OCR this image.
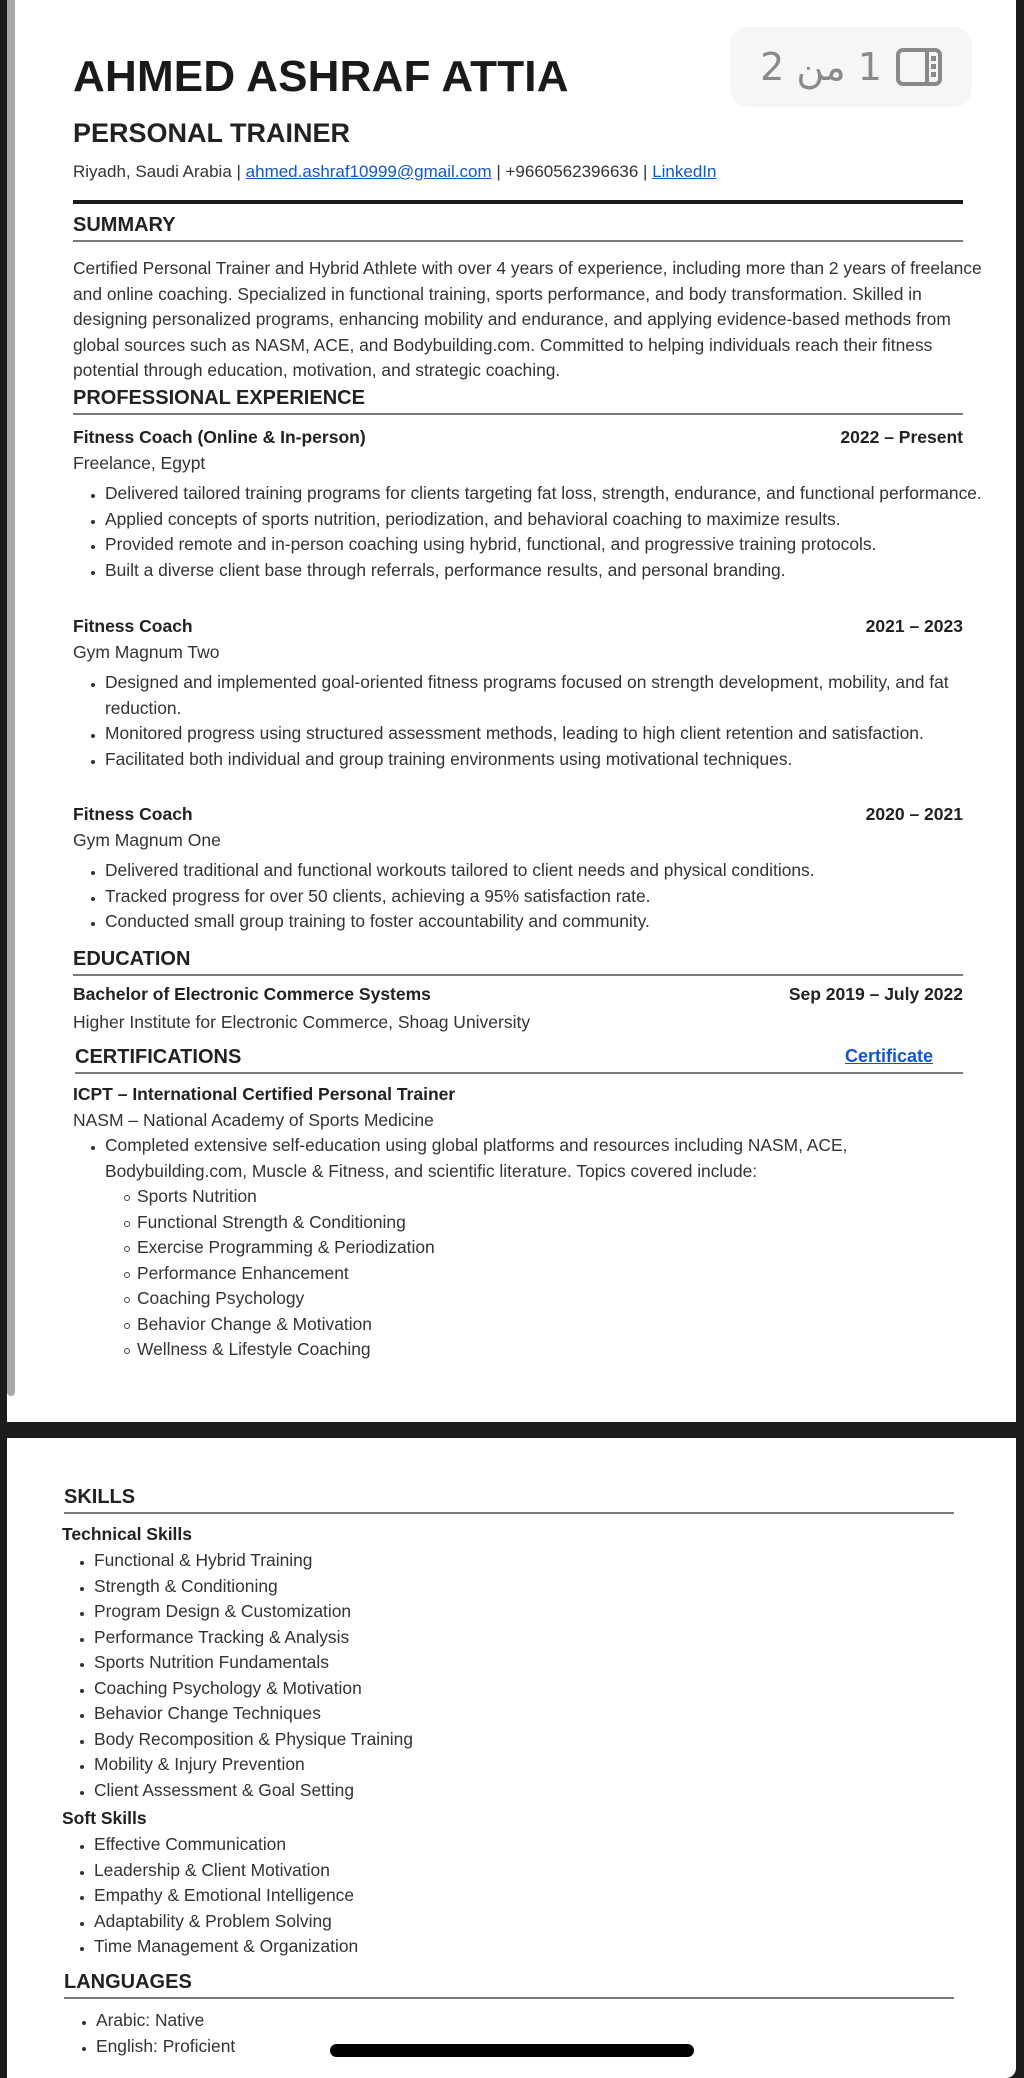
AHMED ASHRAF ATTIA
PERSONAL TRAINER
Riyadh, Saudi Arabia | ahmed.ashraf10999@gmail.com | +9660562396636 | LinkedIn
SUMMARY
Certified Personal Trainer and Hybrid Athlete with over 4 years of experience, including more than 2 years of freelance and online coaching. Specialized in functional training, sports performance, and body transformation. Skilled in designing personalized programs, enhancing mobility and endurance, and applying evidence-based methods from global sources such as NASM, ACE, and Bodybuilding.com. Committed to helping individuals reach their fitness potential through education, motivation, and strategic coaching.
PROFESSIONAL EXPERIENCE
Fitness Coach (Online & In-person)	2022 – Present
Freelance, Egypt
Delivered tailored training programs for clients targeting fat loss, strength, endurance, and functional performance.
Applied concepts of sports nutrition, periodization, and behavioral coaching to maximize results.
Provided remote and in-person coaching using hybrid, functional, and progressive training protocols.
Built a diverse client base through referrals, performance results, and personal branding.
Fitness Coach	2021 – 2023
Gym Magnum Two
Designed and implemented goal-oriented fitness programs focused on strength development, mobility, and fat reduction.
Monitored progress using structured assessment methods, leading to high client retention and satisfaction.
Facilitated both individual and group training environments using motivational techniques.
Fitness Coach	2020 – 2021
Gym Magnum One
Delivered traditional and functional workouts tailored to client needs and physical conditions.
Tracked progress for over 50 clients, achieving a 95% satisfaction rate.
Conducted small group training to foster accountability and community.
EDUCATION
Bachelor of Electronic Commerce Systems	Sep 2019 – July 2022
Higher Institute for Electronic Commerce, Shoag University
CERTIFICATIONS	Certificate
ICPT – International Certified Personal Trainer
NASM – National Academy of Sports Medicine
Completed extensive self-education using global platforms and resources including NASM, ACE, Bodybuilding.com, Muscle & Fitness, and scientific literature. Topics covered include:
Sports Nutrition
Functional Strength & Conditioning
Exercise Programming & Periodization
Performance Enhancement
Coaching Psychology
Behavior Change & Motivation
Wellness & Lifestyle Coaching
1 من 2
SKILLS
Technical Skills
Functional & Hybrid Training
Strength & Conditioning
Program Design & Customization
Performance Tracking & Analysis
Sports Nutrition Fundamentals
Coaching Psychology & Motivation
Behavior Change Techniques
Body Recomposition & Physique Training
Mobility & Injury Prevention
Client Assessment & Goal Setting
Soft Skills
Effective Communication
Leadership & Client Motivation
Empathy & Emotional Intelligence
Adaptability & Problem Solving
Time Management & Organization
LANGUAGES
Arabic: Native
English: Proficient
